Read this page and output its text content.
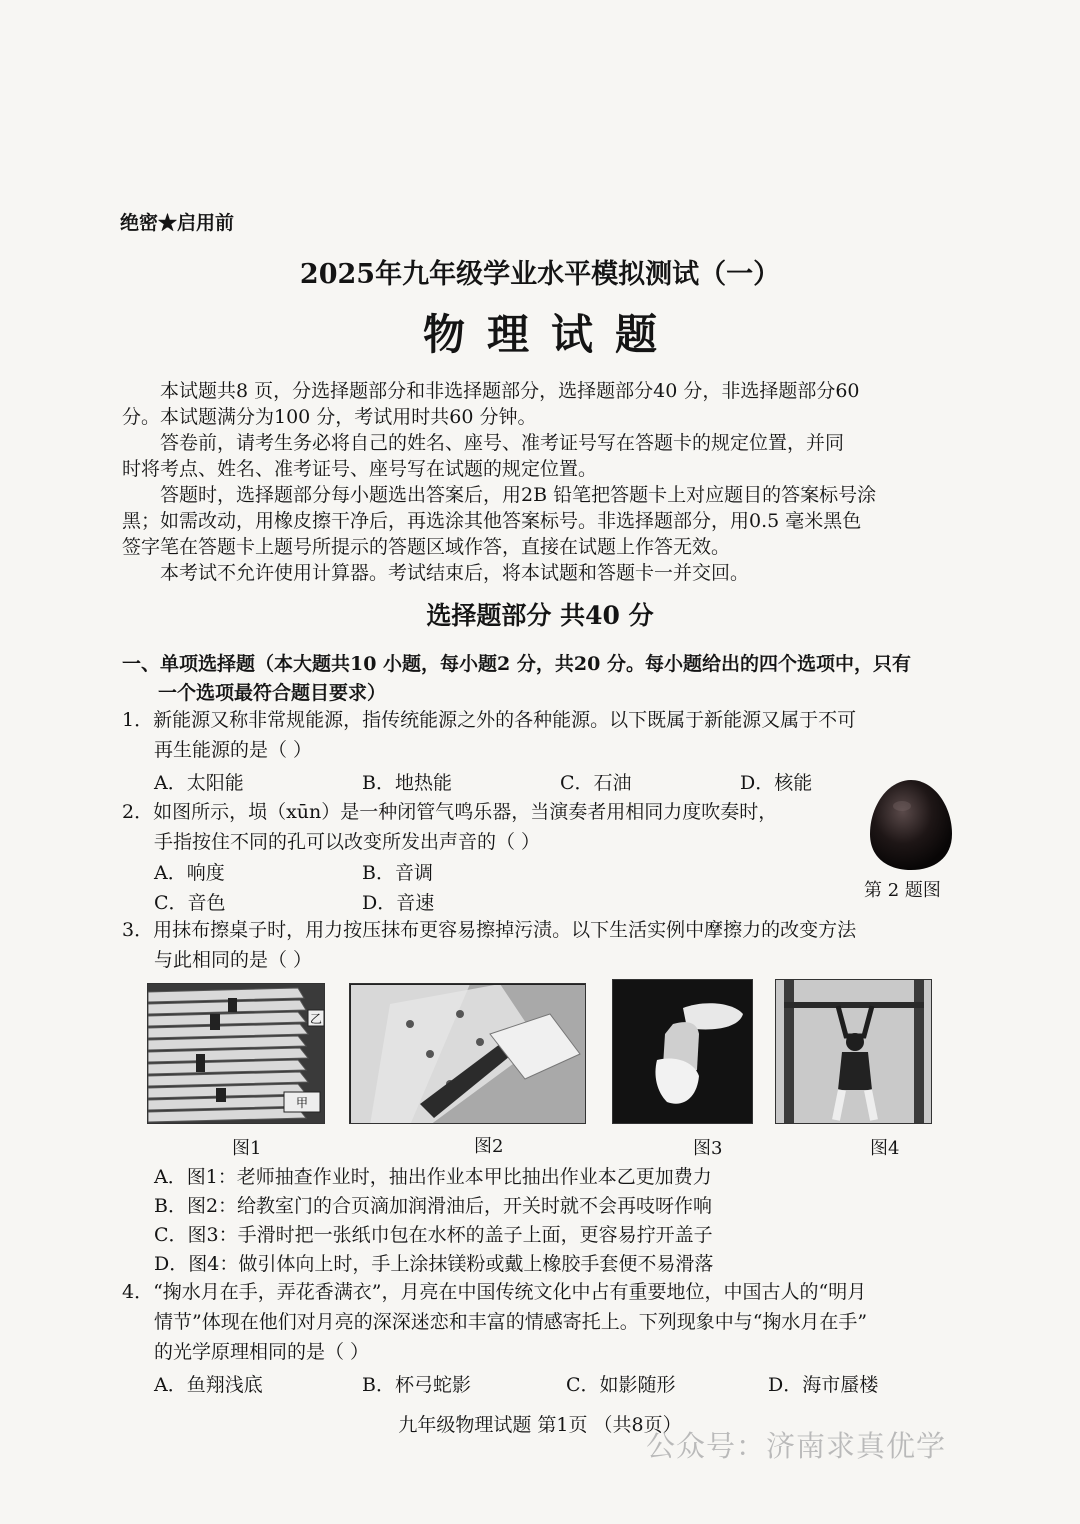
绝密★启用前
2025年九年级学业水平模拟测试（一）
物理试题
本试题共8 页，分选择题部分和非选择题部分，选择题部分40 分，非选择题部分60
分。本试题满分为100 分，考试用时共60 分钟。
答卷前，请考生务必将自己的姓名、座号、准考证号写在答题卡的规定位置，并同
时将考点、姓名、准考证号、座号写在试题的规定位置。
答题时，选择题部分每小题选出答案后，用2B 铅笔把答题卡上对应题目的答案标号涂
黑；如需改动，用橡皮擦干净后，再选涂其他答案标号。非选择题部分，用0.5 毫米黑色
签字笔在答题卡上题号所提示的答题区域作答，直接在试题上作答无效。
本考试不允许使用计算器。考试结束后，将本试题和答题卡一并交回。
选择题部分 共40 分
一、单项选择题（本大题共10 小题，每小题2 分，共20 分。每小题给出的四个选项中，只有
一个选项最符合题目要求）
1．新能源又称非常规能源，指传统能源之外的各种能源。以下既属于新能源又属于不可
再生能源的是（ ）
A．太阳能	B．地热能	C．石油	D．核能
2．如图所示，埙（xūn）是一种闭管气鸣乐器，当演奏者用相同力度吹奏时，
手指按住不同的孔可以改变所发出声音的（ ）
A．响度	B．音调
C．音色	D．音速
第 2 题图
3．用抹布擦桌子时，用力按压抹布更容易擦掉污渍。以下生活实例中摩擦力的改变方法
与此相同的是（ ）
乙
甲
图1	图2	图3	图4
A．图1：老师抽查作业时，抽出作业本甲比抽出作业本乙更加费力
B．图2：给教室门的合页滴加润滑油后，开关时就不会再吱呀作响
C．图3：手滑时把一张纸巾包在水杯的盖子上面，更容易拧开盖子
D．图4：做引体向上时，手上涂抹镁粉或戴上橡胶手套便不易滑落
4．“掬水月在手，弄花香满衣”，月亮在中国传统文化中占有重要地位，中国古人的“明月
情节”体现在他们对月亮的深深迷恋和丰富的情感寄托上。下列现象中与“掬水月在手”
的光学原理相同的是（ ）
A．鱼翔浅底	B．杯弓蛇影	C．如影随形	D．海市蜃楼
九年级物理试题 第1页 （共8页）
公众号：济南求真优学
